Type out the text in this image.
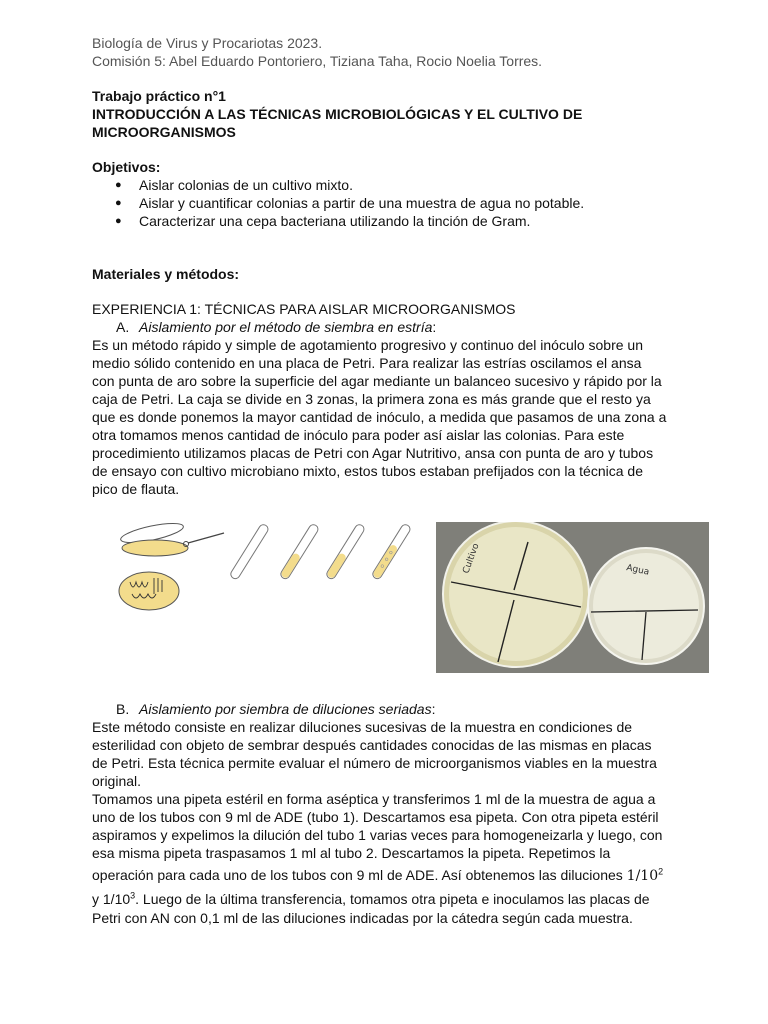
Biología de Virus y Procariotas 2023.

Comisión 5: Abel Eduardo Pontoriero, Tiziana Taha, Rocio Noelia Torres.

Trabajo práctico n°1

INTRODUCCIÓN A LAS TÉCNICAS MICROBIOLÓGICAS Y EL CULTIVO DE

MICROORGANISMOS

Objetivos:

● Aislar colonias de un cultivo mixto.
● Aislar y cuantificar colonias a partir de una muestra de agua no potable.
● Caracterizar una cepa bacteriana utilizando la tinción de Gram.

Materiales y métodos:

EXPERIENCIA 1: TÉCNICAS PARA AISLAR MICROORGANISMOS

A. Aislamiento por el método de siembra en estría:

Es un método rápido y simple de agotamiento progresivo y continuo del inóculo sobre un

medio sólido contenido en una placa de Petri. Para realizar las estrías oscilamos el ansa

con punta de aro sobre la superficie del agar mediante un balanceo sucesivo y rápido por la

caja de Petri. La caja se divide en 3 zonas, la primera zona es más grande que el resto ya

que es donde ponemos la mayor cantidad de inóculo, a medida que pasamos de una zona a

otra tomamos menos cantidad de inóculo para poder así aislar las colonias. Para este

procedimiento utilizamos placas de Petri con Agar Nutritivo, ansa con punta de aro y tubos

de ensayo con cultivo microbiano mixto, estos tubos estaban prefijados con la técnica de

pico de flauta.

Cultivo	Agua

B. Aislamiento por siembra de diluciones seriadas:

Este método consiste en realizar diluciones sucesivas de la muestra en condiciones de

esterilidad con objeto de sembrar después cantidades conocidas de las mismas en placas

de Petri. Esta técnica permite evaluar el número de microorganismos viables en la muestra

original.

Tomamos una pipeta estéril en forma aséptica y transferimos 1 ml de la muestra de agua a

uno de los tubos con 9 ml de ADE (tubo 1). Descartamos esa pipeta. Con otra pipeta estéril

aspiramos y expelimos la dilución del tubo 1 varias veces para homogeneizarla y luego, con

esa misma pipeta traspasamos 1 ml al tubo 2. Descartamos la pipeta. Repetimos la

operación para cada uno de los tubos con 9 ml de ADE. Así obtenemos las diluciones $1/10^2$

y $1/10^3$. Luego de la última transferencia, tomamos otra pipeta e inoculamos las placas de

Petri con AN con 0,1 ml de las diluciones indicadas por la cátedra según cada muestra.
